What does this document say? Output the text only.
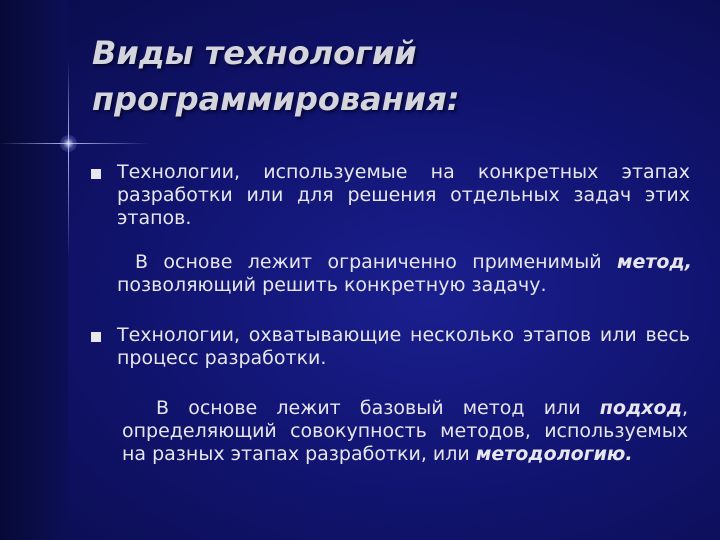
Виды технологий
программирования:

Технологии, используемые на конкретных этапах разработки или для решения отдельных задач этих этапов.

В основе лежит ограниченно применимый метод, позволяющий решить конкретную задачу.

Технологии, охватывающие несколько этапов или весь процесс разработки.

В основе лежит базовый метод или подход, определяющий совокупность методов, используемых на разных этапах разработки, или методологию.
